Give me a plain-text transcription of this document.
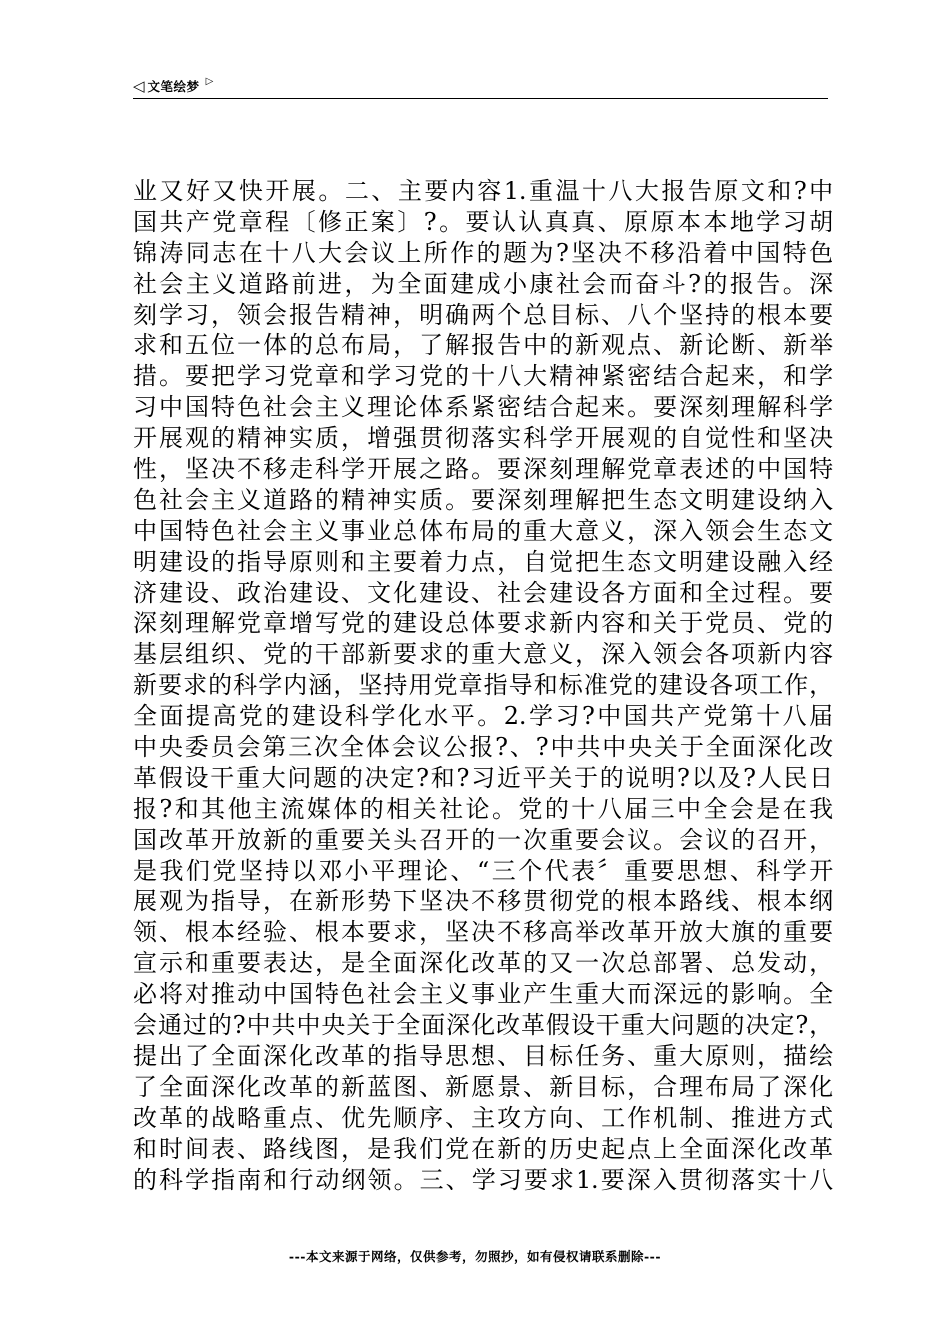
◁ 文笔绘梦 ▷
业又好又快开展。二、主要内容1.重温十八大报告原文和?中
国共产党章程〔修正案〕?。要认认真真、原原本本地学习胡
锦涛同志在十八大会议上所作的题为?坚决不移沿着中国特色
社会主义道路前进，为全面建成小康社会而奋斗?的报告。深
刻学习，领会报告精神，明确两个总目标、八个坚持的根本要
求和五位一体的总布局，了解报告中的新观点、新论断、新举
措。要把学习党章和学习党的十八大精神紧密结合起来，和学
习中国特色社会主义理论体系紧密结合起来。要深刻理解科学
开展观的精神实质，增强贯彻落实科学开展观的自觉性和坚决
性，坚决不移走科学开展之路。要深刻理解党章表述的中国特
色社会主义道路的精神实质。要深刻理解把生态文明建设纳入
中国特色社会主义事业总体布局的重大意义，深入领会生态文
明建设的指导原则和主要着力点，自觉把生态文明建设融入经
济建设、政治建设、文化建设、社会建设各方面和全过程。要
深刻理解党章增写党的建设总体要求新内容和关于党员、党的
基层组织、党的干部新要求的重大意义，深入领会各项新内容
新要求的科学内涵，坚持用党章指导和标准党的建设各项工作，
全面提高党的建设科学化水平。2.学习?中国共产党第十八届
中央委员会第三次全体会议公报?、?中共中央关于全面深化改
革假设干重大问题的决定?和?习近平关于的说明?以及?人民日
报?和其他主流媒体的相关社论。党的十八届三中全会是在我
国改革开放新的重要关头召开的一次重要会议。会议的召开，
是我们党坚持以邓小平理论、“三个代表〞重要思想、科学开
展观为指导，在新形势下坚决不移贯彻党的根本路线、根本纲
领、根本经验、根本要求，坚决不移高举改革开放大旗的重要
宣示和重要表达，是全面深化改革的又一次总部署、总发动，
必将对推动中国特色社会主义事业产生重大而深远的影响。全
会通过的?中共中央关于全面深化改革假设干重大问题的决定?，
提出了全面深化改革的指导思想、目标任务、重大原则，描绘
了全面深化改革的新蓝图、新愿景、新目标，合理布局了深化
改革的战略重点、优先顺序、主攻方向、工作机制、推进方式
和时间表、路线图，是我们党在新的历史起点上全面深化改革
的科学指南和行动纲领。三、学习要求1.要深入贯彻落实十八
---本文来源于网络，仅供参考，勿照抄，如有侵权请联系删除---
